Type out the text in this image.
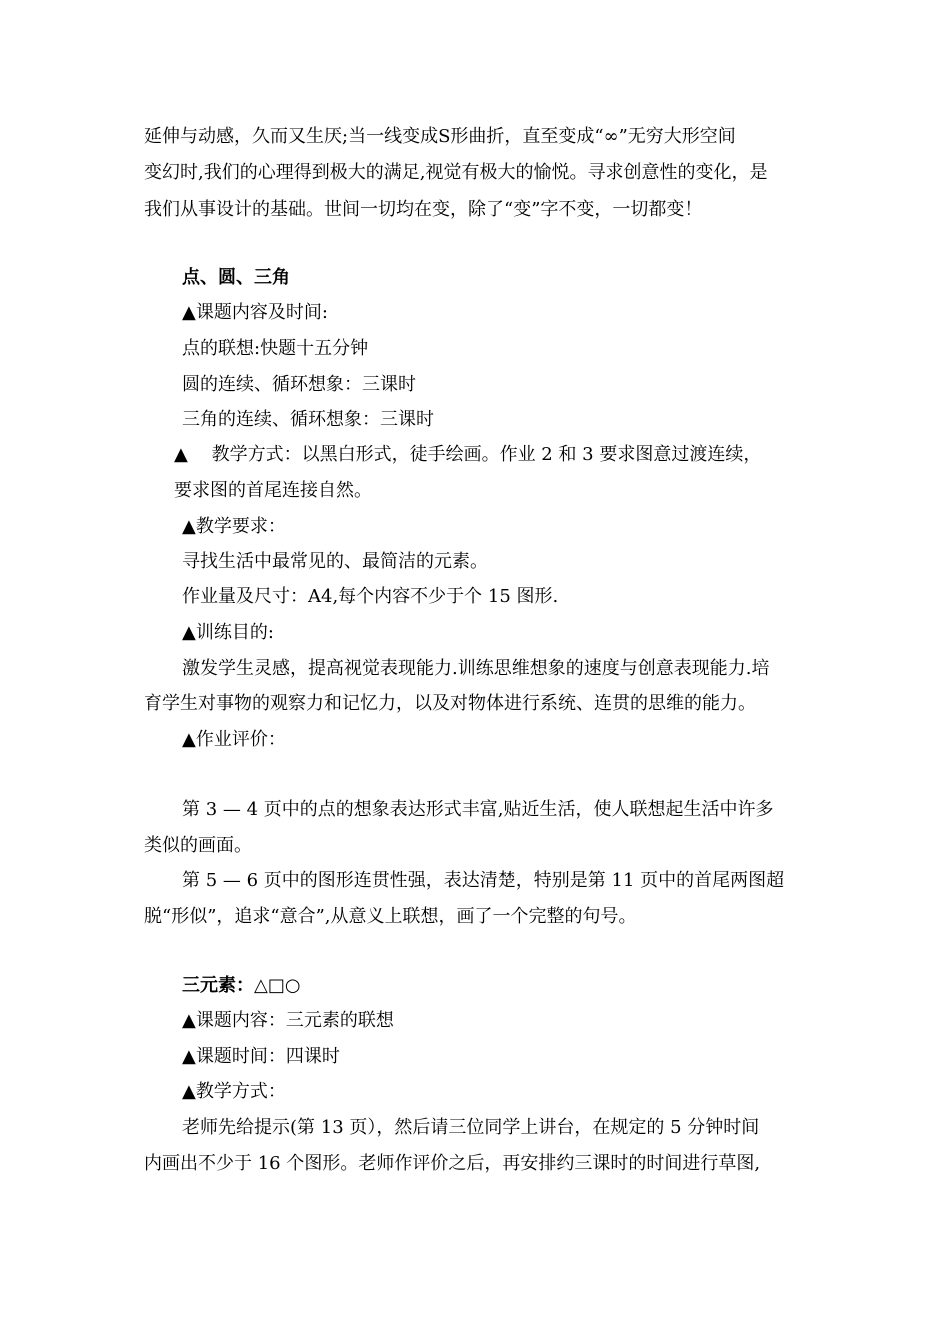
延伸与动感，久而又生厌;当一线变成S形曲折，直至变成“∞”无穷大形空间

变幻时,我们的心理得到极大的满足,视觉有极大的愉悦。寻求创意性的变化，是

我们从事设计的基础。世间一切均在变，除了“变”字不变，一切都变！

点、圆、三角

▲课题内容及时间:

点的联想:快题十五分钟

圆的连续、循环想象：三课时

三角的连续、循环想象：三课时

▲　 教学方式：以黑白形式，徒手绘画。作业 2 和 3 要求图意过渡连续，

要求图的首尾连接自然。

▲教学要求：

寻找生活中最常见的、最简洁的元素。

作业量及尺寸：A4,每个内容不少于个 15 图形.

▲训练目的:

激发学生灵感，提高视觉表现能力.训练思维想象的速度与创意表现能力.培

育学生对事物的观察力和记忆力，以及对物体进行系统、连贯的思维的能力。

▲作业评价：

第 3 — 4 页中的点的想象表达形式丰富,贴近生活，使人联想起生活中许多

类似的画面。

第 5 — 6 页中的图形连贯性强，表达清楚，特别是第 11 页中的首尾两图超

脱“形似”，追求“意合”,从意义上联想，画了一个完整的句号。

三元素：△□○

▲课题内容：三元素的联想

▲课题时间：四课时

▲教学方式：

老师先给提示(第 13 页），然后请三位同学上讲台，在规定的 5 分钟时间

内画出不少于 16 个图形。老师作评价之后，再安排约三课时的时间进行草图,
